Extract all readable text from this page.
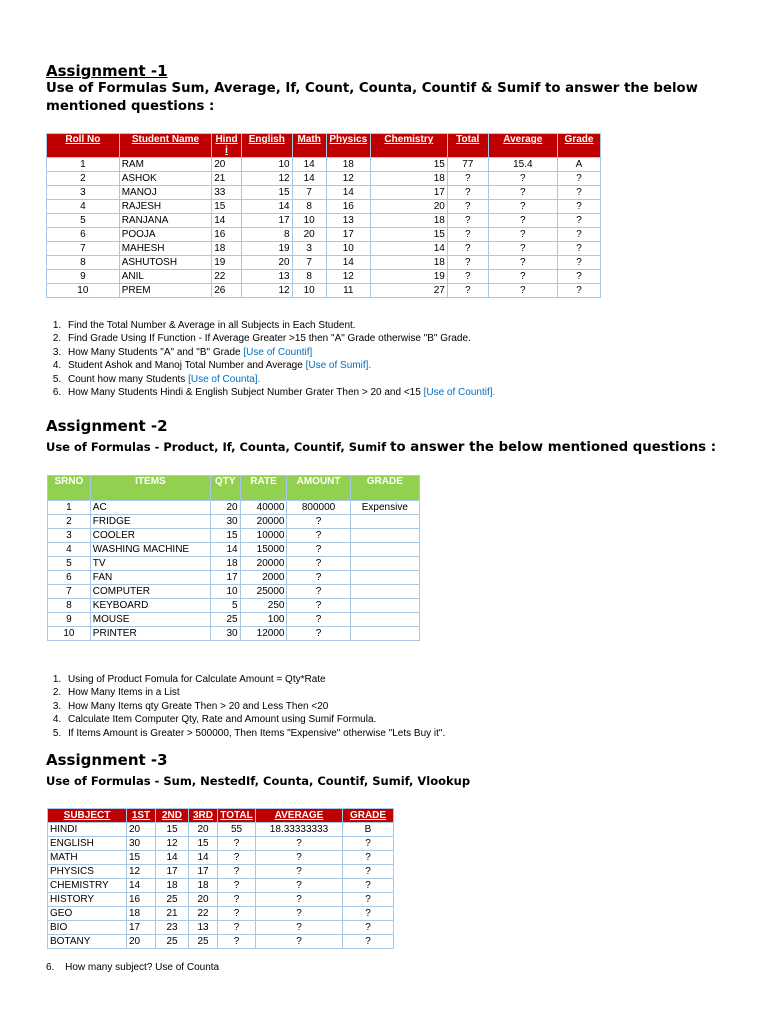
Assignment -1
Use of Formulas Sum, Average, If, Count, Counta, Countif & Sumif to answer the below mentioned questions :
Roll No	Student Name	Hindi	English	Math	Physics	Chemistry	Total	Average	Grade
1	RAM	20	10	14	18	15	77	15.4	A
2	ASHOK	21	12	14	12	18	?	?	?
3	MANOJ	33	15	7	14	17	?	?	?
4	RAJESH	15	14	8	16	20	?	?	?
5	RANJANA	14	17	10	13	18	?	?	?
6	POOJA	16	8	20	17	15	?	?	?
7	MAHESH	18	19	3	10	14	?	?	?
8	ASHUTOSH	19	20	7	14	18	?	?	?
9	ANIL	22	13	8	12	19	?	?	?
10	PREM	26	12	10	11	27	?	?	?
1. Find the Total Number & Average in all Subjects in Each Student.
2. Find Grade Using If Function - If Average Greater >15 then "A" Grade otherwise "B" Grade.
3. How Many Students "A" and "B" Grade [Use of Countif]
4. Student Ashok and Manoj Total Number and Average [Use of Sumif].
5. Count how many Students [Use of Counta].
6. How Many Students Hindi & English Subject Number Grater Then > 20 and <15 [Use of Countif].
Assignment -2
Use of Formulas - Product, If, Counta, Countif, Sumif to answer the below mentioned questions :
SRNO	ITEMS	QTY	RATE	AMOUNT	GRADE
1	AC	20	40000	800000	Expensive
2	FRIDGE	30	20000	?	
3	COOLER	15	10000	?	
4	WASHING MACHINE	14	15000	?	
5	TV	18	20000	?	
6	FAN	17	2000	?	
7	COMPUTER	10	25000	?	
8	KEYBOARD	5	250	?	
9	MOUSE	25	100	?	
10	PRINTER	30	12000	?	
1. Using of Product Fomula for Calculate Amount = Qty*Rate
2. How Many Items in a List
3. How Many Items qty Greate Then > 20 and Less Then <20
4. Calculate Item Computer Qty, Rate and Amount using Sumif Formula.
5. If Items Amount is Greater > 500000, Then Items "Expensive" otherwise "Lets Buy it".
Assignment -3
Use of Formulas - Sum, NestedIf, Counta, Countif, Sumif, Vlookup
SUBJECT	1ST	2ND	3RD	TOTAL	AVERAGE	GRADE
HINDI	20	15	20	55	18.33333333	B
ENGLISH	30	12	15	?	?	?
MATH	15	14	14	?	?	?
PHYSICS	12	17	17	?	?	?
CHEMISTRY	14	18	18	?	?	?
HISTORY	16	25	20	?	?	?
GEO	18	21	22	?	?	?
BIO	17	23	13	?	?	?
BOTANY	20	25	25	?	?	?
6. How many subject? Use of Counta
